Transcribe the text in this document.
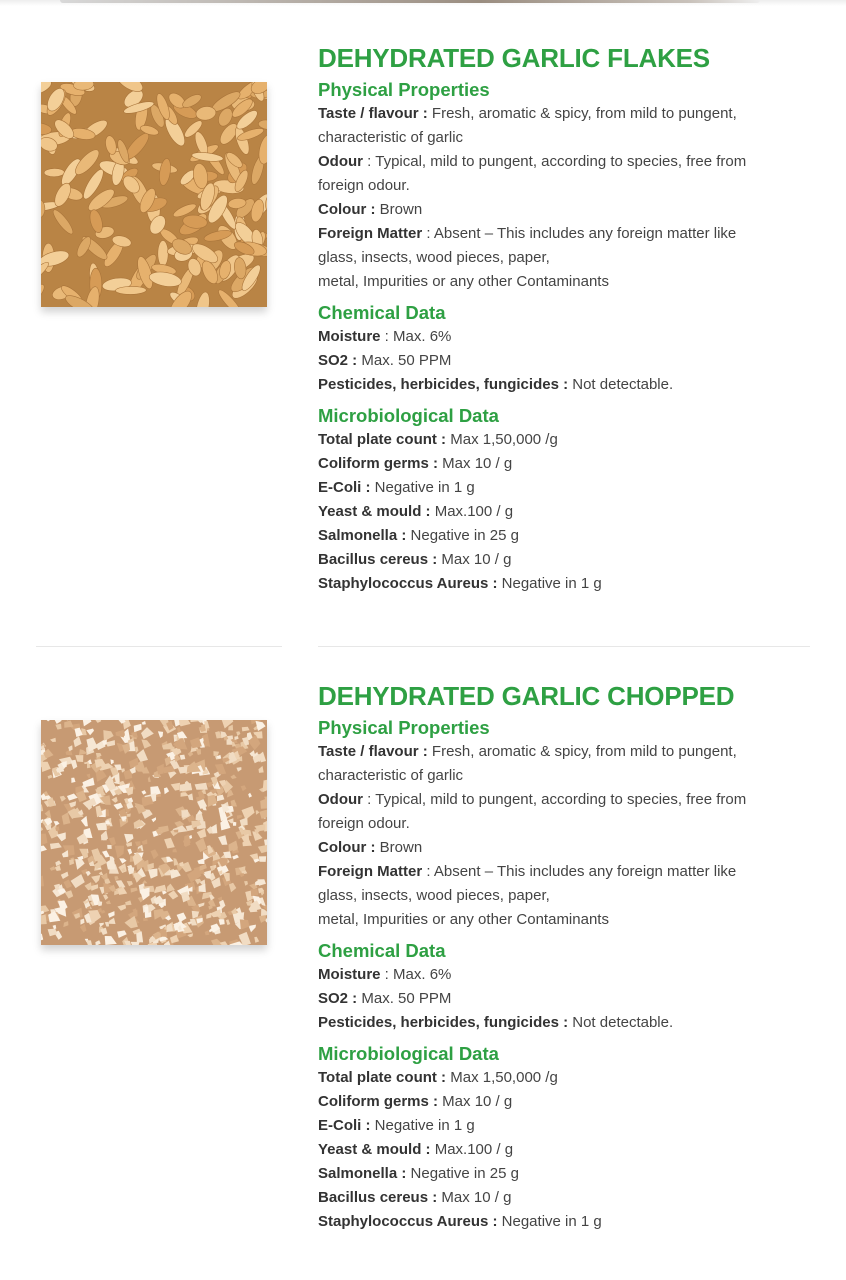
DEHYDRATED GARLIC FLAKES
Physical Properties
Taste / flavour : Fresh, aromatic & spicy, from mild to pungent,
characteristic of garlic
Odour : Typical, mild to pungent, according to species, free from
foreign odour.
Colour : Brown
Foreign Matter : Absent – This includes any foreign matter like
glass, insects, wood pieces, paper,
metal, Impurities or any other Contaminants
Chemical Data
Moisture : Max. 6%
SO2 : Max. 50 PPM
Pesticides, herbicides, fungicides : Not detectable.
Microbiological Data
Total plate count : Max 1,50,000 /g
Coliform germs : Max 10 / g
E-Coli : Negative in 1 g
Yeast & mould : Max.100 / g
Salmonella : Negative in 25 g
Bacillus cereus : Max 10 / g
Staphylococcus Aureus : Negative in 1 g
DEHYDRATED GARLIC CHOPPED
Physical Properties
Taste / flavour : Fresh, aromatic & spicy, from mild to pungent,
characteristic of garlic
Odour : Typical, mild to pungent, according to species, free from
foreign odour.
Colour : Brown
Foreign Matter : Absent – This includes any foreign matter like
glass, insects, wood pieces, paper,
metal, Impurities or any other Contaminants
Chemical Data
Moisture : Max. 6%
SO2 : Max. 50 PPM
Pesticides, herbicides, fungicides : Not detectable.
Microbiological Data
Total plate count : Max 1,50,000 /g
Coliform germs : Max 10 / g
E-Coli : Negative in 1 g
Yeast & mould : Max.100 / g
Salmonella : Negative in 25 g
Bacillus cereus : Max 10 / g
Staphylococcus Aureus : Negative in 1 g
